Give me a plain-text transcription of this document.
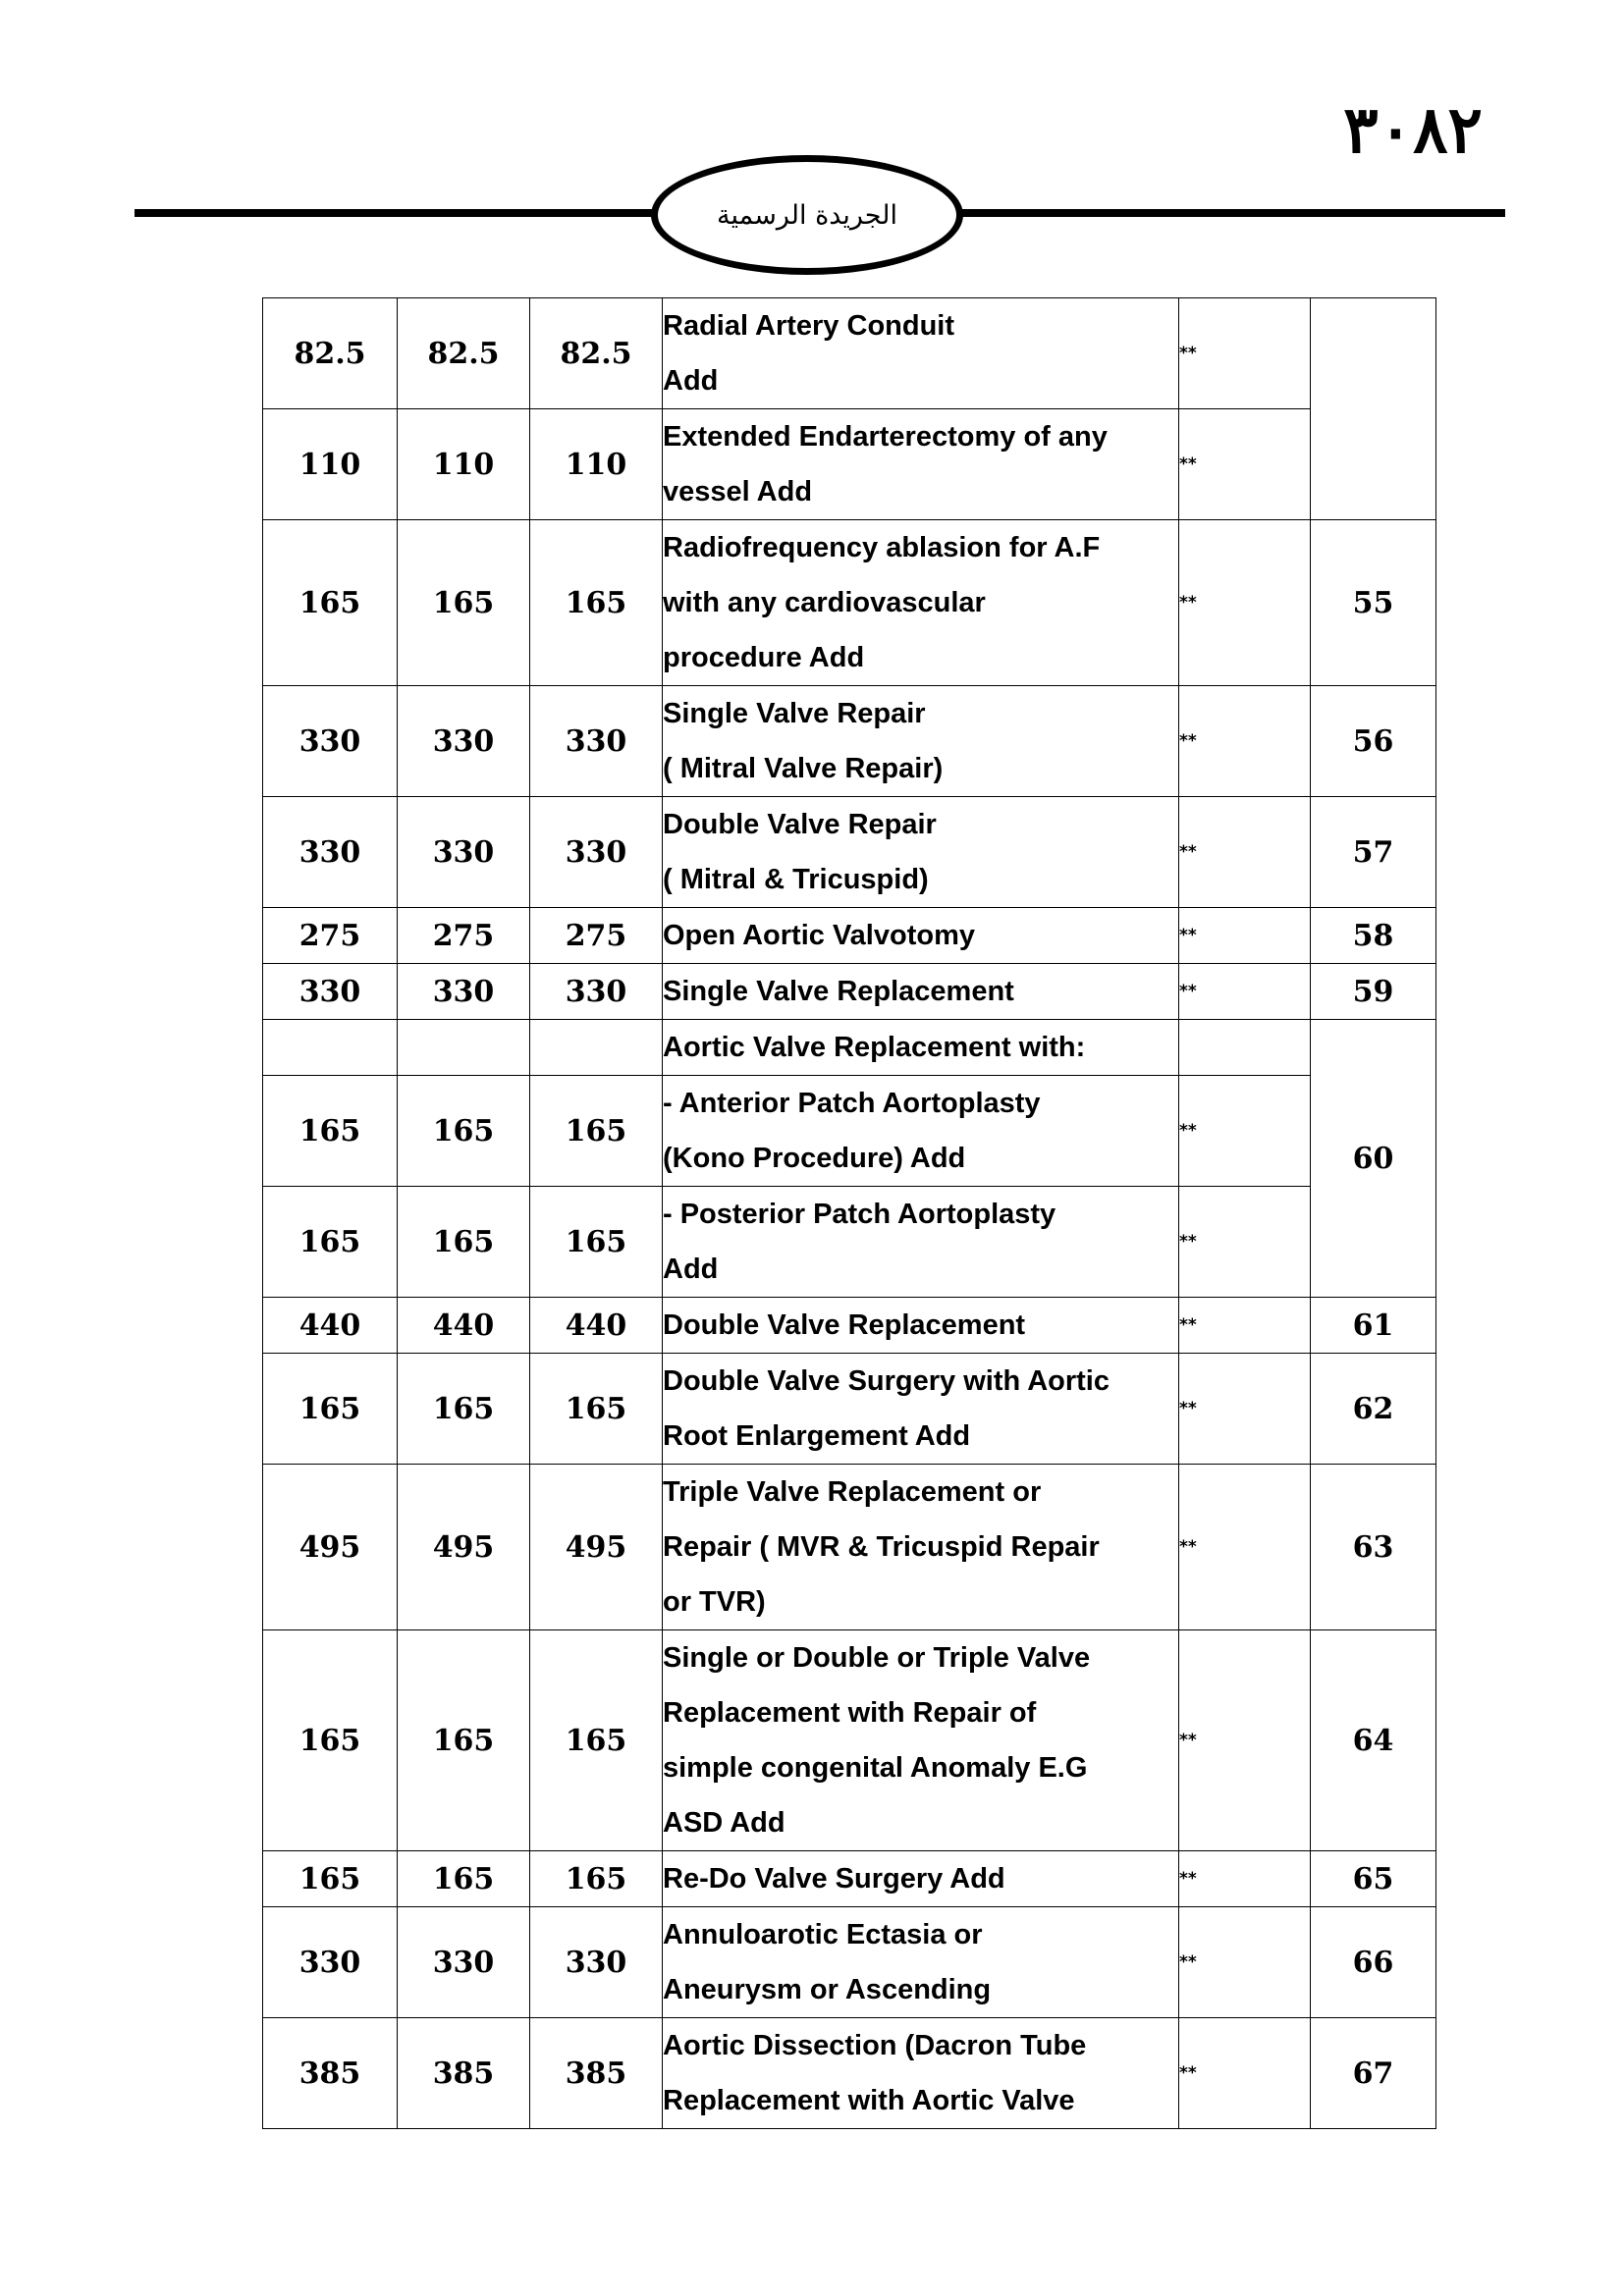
٣٠٨٢
الجريدة الرسمية
82.5	82.5	82.5	Radial Artery Conduit
Add	**	
110	110	110	Extended Endarterectomy of any
vessel Add	**	
165	165	165	Radiofrequency ablasion for A.F
with any cardiovascular
procedure Add	**	55
330	330	330	Single Valve Repair
( Mitral Valve Repair)	**	56
330	330	330	Double Valve Repair
( Mitral & Tricuspid)	**	57
275	275	275	Open Aortic Valvotomy	**	58
330	330	330	Single Valve Replacement	**	59

			Aortic Valve Replacement with:		60
165	165	165	- Anterior Patch Aortoplasty
(Kono Procedure) Add	**	
165	165	165	- Posterior Patch Aortoplasty
Add	**	
440	440	440	Double Valve Replacement	**	61
165	165	165	Double Valve Surgery with Aortic
Root Enlargement Add	**	62
495	495	495	Triple Valve Replacement or
Repair ( MVR & Tricuspid Repair
or TVR)	**	63
165	165	165	Single or Double or Triple Valve
Replacement with Repair of
simple congenital Anomaly E.G
ASD Add	**	64
165	165	165	Re-Do Valve Surgery Add	**	65
330	330	330	Annuloarotic Ectasia or
Aneurysm or Ascending	**	66
385	385	385	Aortic Dissection (Dacron Tube
Replacement with Aortic Valve	**	67
